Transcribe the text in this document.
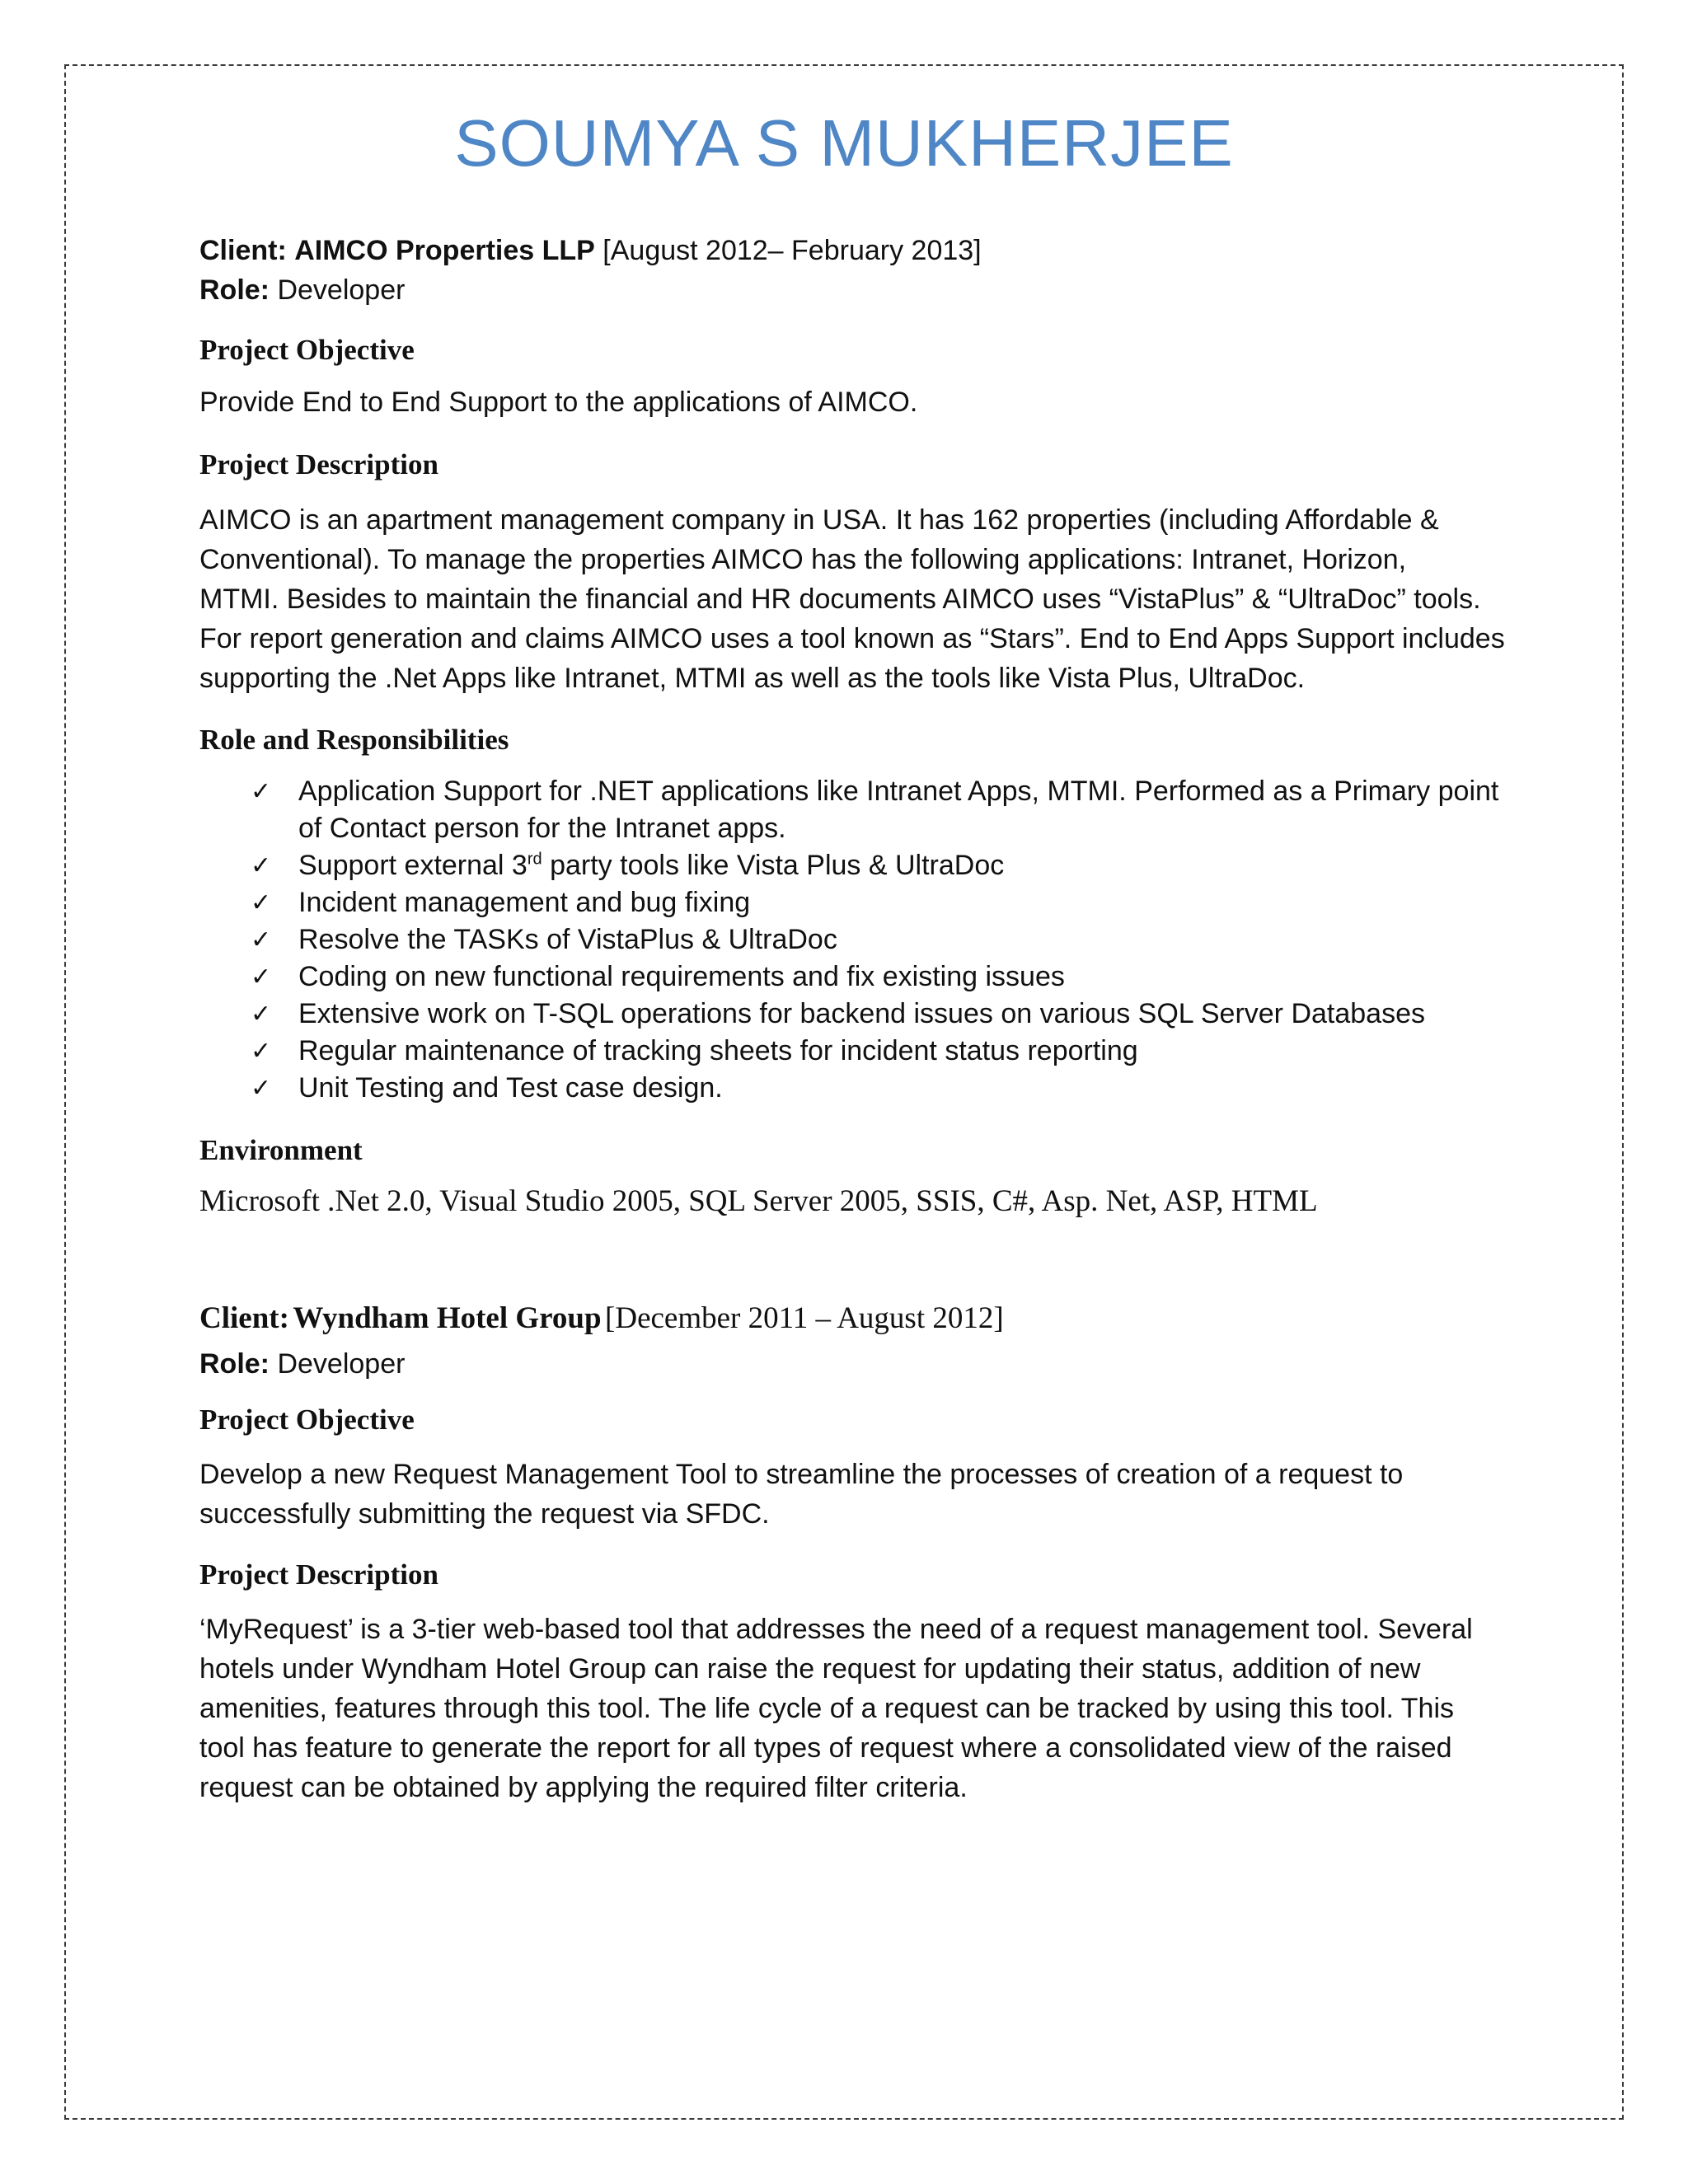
SOUMYA S MUKHERJEE
Client: AIMCO Properties LLP [August 2012– February 2013]
Role: Developer
Project Objective
Provide End to End Support to the applications of AIMCO.
Project Description
AIMCO is an apartment management company in USA. It has 162 properties (including Affordable &
Conventional). To manage the properties AIMCO has the following applications: Intranet, Horizon,
MTMI. Besides to maintain the financial and HR documents AIMCO uses “VistaPlus” & “UltraDoc” tools.
For report generation and claims AIMCO uses a tool known as “Stars”. End to End Apps Support includes
supporting the .Net Apps like Intranet, MTMI as well as the tools like Vista Plus, UltraDoc.
Role and Responsibilities
✓ Application Support for .NET applications like Intranet Apps, MTMI. Performed as a Primary point
of Contact person for the Intranet apps.
✓ Support external 3rd party tools like Vista Plus & UltraDoc
✓ Incident management and bug fixing
✓ Resolve the TASKs of VistaPlus & UltraDoc
✓ Coding on new functional requirements and fix existing issues
✓ Extensive work on T-SQL operations for backend issues on various SQL Server Databases
✓ Regular maintenance of tracking sheets for incident status reporting
✓ Unit Testing and Test case design.
Environment
Microsoft .Net 2.0, Visual Studio 2005, SQL Server 2005, SSIS, C#, Asp. Net, ASP, HTML
Client: Wyndham Hotel Group [December 2011 – August 2012]
Role: Developer
Project Objective
Develop a new Request Management Tool to streamline the processes of creation of a request to
successfully submitting the request via SFDC.
Project Description
‘MyRequest’ is a 3-tier web-based tool that addresses the need of a request management tool. Several
hotels under Wyndham Hotel Group can raise the request for updating their status, addition of new
amenities, features through this tool. The life cycle of a request can be tracked by using this tool. This
tool has feature to generate the report for all types of request where a consolidated view of the raised
request can be obtained by applying the required filter criteria.
